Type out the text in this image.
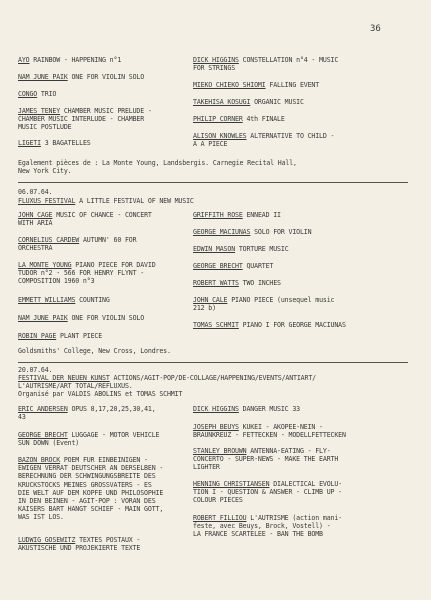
36
AYO RAINBOW - HAPPENING n°1
NAM JUNE PAIK ONE FOR VIOLIN SOLO
CONGO TRIO
JAMES TENEY CHAMBER MUSIC PRELUDE -
CHAMBER MUSIC INTERLUDE - CHAMBER
MUSIC POSTLUDE
LIGETI 3 BAGATELLES
DICK HIGGINS CONSTELLATION n°4 - MUSIC
FOR STRINGS
MIEKO CHIEKO SHIOMI FALLING EVENT
TAKEHISA KOSUGI ORGANIC MUSIC
PHILIP CORNER 4th FINALE
ALISON KNOWLES ALTERNATIVE TO CHILD -
A A PIECE
Egalement pièces de : La Monte Young, Landsbergis. Carnegie Recital Hall,
New York City.
06.07.64.
FLUXUS FESTIVAL A LITTLE FESTIVAL OF NEW MUSIC
JOHN CAGE MUSIC OF CHANCE - CONCERT
WITH ARIA
CORNELIUS CARDEW AUTUMN' 60 FOR
ORCHESTRA
LA MONTE YOUNG PIANO PIECE FOR DAVID
TUDOR n°2 - 566 FOR HENRY FLYNT -
COMPOSITION 1960 n°3
EMMETT WILLIAMS COUNTING
NAM JUNE PAIK ONE FOR VIOLIN SOLO
ROBIN PAGE PLANT PIECE
GRIFFITH ROSE ENNEAD II
GEORGE MACIUNAS SOLO FOR VIOLIN
EDWIN MASON TORTURE MUSIC
GEORGE BRECHT QUARTET
ROBERT WATTS TWO INCHES
JOHN CALE PIANO PIECE (unsequel music
212 b)
TOMAS SCHMIT PIANO I FOR GEORGE MACIUNAS
Goldsmiths' College, New Cross, Londres.
20.07.64.
FESTIVAL DER NEUEN KUNST ACTIONS/AGIT-POP/DE-COLLAGE/HAPPENING/EVENTS/ANTIART/
L'AUTRISME/ART TOTAL/REFLUXUS.
Organisé par VALDIS ABOLINS et TOMAS SCHMIT
ERIC ANDERSEN OPUS 8,17,20,25,30,41,
43
GEORGE BRECHT LUGGAGE - MOTOR VEHICLE
SUN DOWN (Event)
BAZON BROCK POEM FUR EINBEINIGEN -
EWIGEN VERRAT DEUTSCHER AN DERSELBEN -
BERECHNUNG DER SCHWINGUNGSBREITE DES
KRUCKSTOCKS MEINES GROSSVATERS - ES
DIE WELT AUF DEM KOPFE UND PHILOSOPHIE
IN DEN BEINEN - AGIT-POP : VORAN DES
KAISERS BART HANGT SCHIEF - MAIN GOTT,
WAS IST LOS.
LUDWIG GOSEWITZ TEXTES POSTAUX -
AKUSTISCHE UND PROJEKIERTE TEXTE
DICK HIGGINS DANGER MUSIC 33
JOSEPH BEUYS KUKEI - AKOPEE-NEIN -
BRAUNKREUZ - FETTECKEN - MODELLFETTECKEN
STANLEY BROUWN ANTENNA-EATING - FLY-
CONCERTO - SUPER-NEWS - MAKE THE EARTH
LIGHTER
HENNING CHRISTIANSEN DIALECTICAL EVOLU-
TION I - QUESTION & ANSWER - CLIMB UP -
COLOUR PIECES
ROBERT FILLIOU L'AUTRISME (action mani-
feste, avec Beuys, Brock, Vostell) -
LA FRANCE SCARTELEE - BAN THE BOMB
